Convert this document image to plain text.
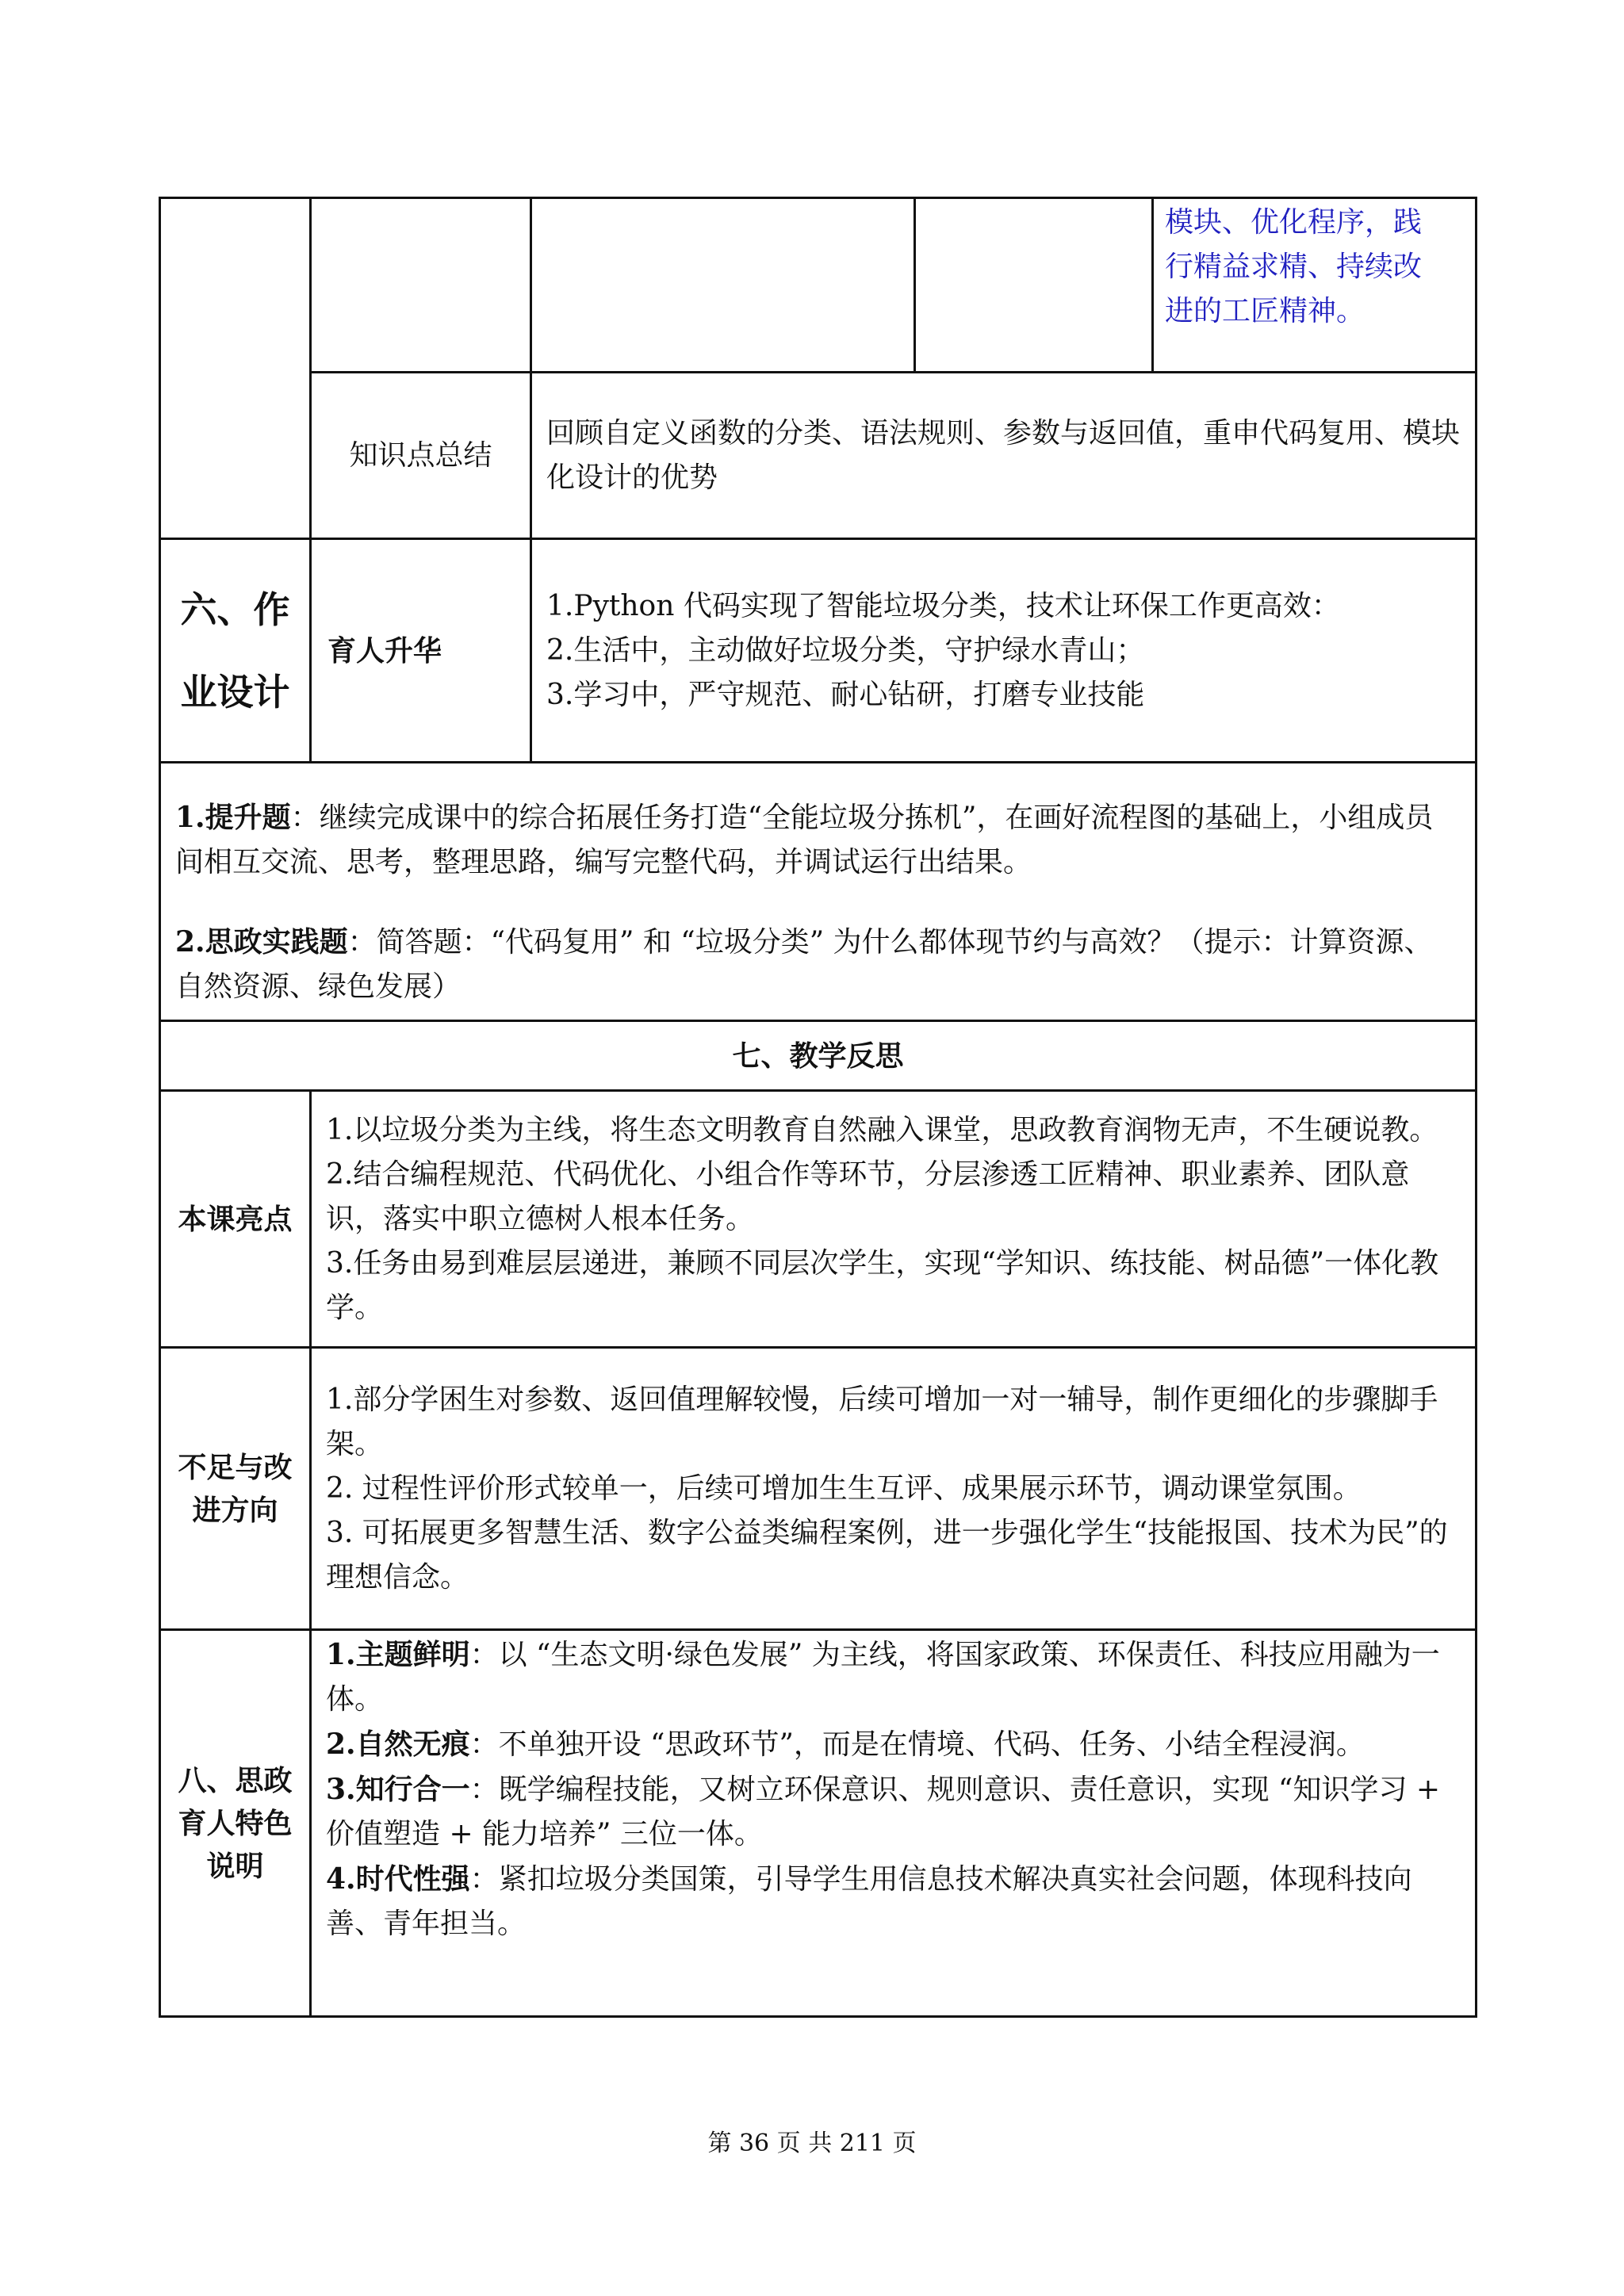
				模块、优化程序，践
行精益求精、持续改
进的工匠精神。

	知识点总结	回顾自定义函数的分类、语法规则、参数与返回值，重申代码复用、模块化设计的优势		

六、作
业设计	育人升华	1.Python 代码实现了智能垃圾分类，技术让环保工作更高效：
2.生活中，主动做好垃圾分类，守护绿水青山；
3.学习中，严守规范、耐心钻研，打磨专业技能		

1.提升题：继续完成课中的综合拓展任务打造“全能垃圾分拣机”，在画好流程图的基础上，小组成员间相互交流、思考，整理思路，编写完整代码，并调试运行出结果。

2.思政实践题：简答题：“代码复用” 和 “垃圾分类” 为什么都体现节约与高效？（提示：计算资源、自然资源、绿色发展）				

七、教学反思				
本课亮点	1.以垃圾分类为主线，将生态文明教育自然融入课堂，思政教育润物无声，不生硬说教。
2.结合编程规范、代码优化、小组合作等环节，分层渗透工匠精神、职业素养、团队意识，落实中职立德树人根本任务。
3.任务由易到难层层递进，兼顾不同层次学生，实现“学知识、练技能、树品德”一体化教学。			

不足与改进方向	1.部分学困生对参数、返回值理解较慢，后续可增加一对一辅导，制作更细化的步骤脚手架。
2. 过程性评价形式较单一，后续可增加生生互评、成果展示环节，调动课堂氛围。
3. 可拓展更多智慧生活、数字公益类编程案例，进一步强化学生“技能报国、技术为民”的理想信念。			

八、思政育人特色说明	1.主题鲜明：以 “生态文明·绿色发展” 为主线，将国家政策、环保责任、科技应用融为一体。
2.自然无痕：不单独开设 “思政环节”，而是在情境、代码、任务、小结全程浸润。
3.知行合一：既学编程技能，又树立环保意识、规则意识、责任意识，实现 “知识学习 + 价值塑造 + 能力培养” 三位一体。
4.时代性强：紧扣垃圾分类国策，引导学生用信息技术解决真实社会问题，体现科技向善、青年担当。			
第 36 页 共 211 页
